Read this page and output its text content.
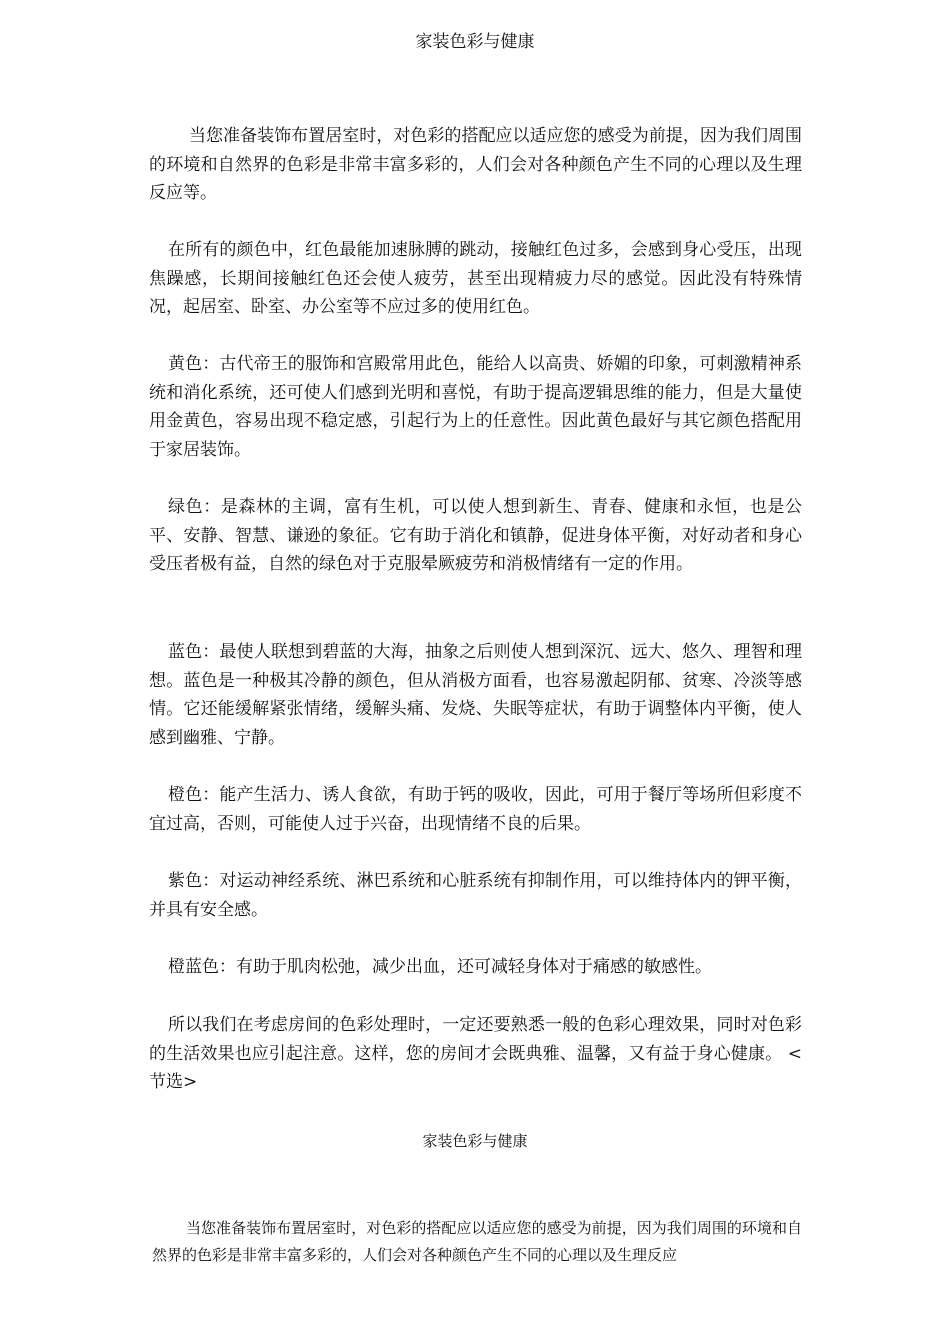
家装色彩与健康

当您准备装饰布置居室时，对色彩的搭配应以适应您的感受为前提，因为我们周围的环境和自然界的色彩是非常丰富多彩的，人们会对各种颜色产生不同的心理以及生理反应等。

在所有的颜色中，红色最能加速脉膊的跳动，接触红色过多，会感到身心受压，出现焦躁感，长期间接触红色还会使人疲劳，甚至出现精疲力尽的感觉。因此没有特殊情况，起居室、卧室、办公室等不应过多的使用红色。

黄色：古代帝王的服饰和宫殿常用此色，能给人以高贵、娇媚的印象，可刺激精神系统和消化系统，还可使人们感到光明和喜悦，有助于提高逻辑思维的能力，但是大量使用金黄色，容易出现不稳定感，引起行为上的任意性。因此黄色最好与其它颜色搭配用于家居装饰。

绿色：是森林的主调，富有生机，可以使人想到新生、青春、健康和永恒，也是公平、安静、智慧、谦逊的象征。它有助于消化和镇静，促进身体平衡，对好动者和身心受压者极有益，自然的绿色对于克服晕厥疲劳和消极情绪有一定的作用。

蓝色：最使人联想到碧蓝的大海，抽象之后则使人想到深沉、远大、悠久、理智和理想。蓝色是一种极其冷静的颜色，但从消极方面看，也容易激起阴郁、贫寒、冷淡等感情。它还能缓解紧张情绪，缓解头痛、发烧、失眠等症状，有助于调整体内平衡，使人感到幽雅、宁静。

橙色：能产生活力、诱人食欲，有助于钙的吸收，因此，可用于餐厅等场所但彩度不宜过高，否则，可能使人过于兴奋，出现情绪不良的后果。

紫色：对运动神经系统、淋巴系统和心脏系统有抑制作用，可以维持体内的钾平衡，并具有安全感。

橙蓝色：有助于肌肉松弛，减少出血，还可减轻身体对于痛感的敏感性。

所以我们在考虑房间的色彩处理时，一定还要熟悉一般的色彩心理效果，同时对色彩的生活效果也应引起注意。这样，您的房间才会既典雅、温馨，又有益于身心健康。 <节选>

家装色彩与健康

当您准备装饰布置居室时，对色彩的搭配应以适应您的感受为前提，因为我们周围的环境和自然界的色彩是非常丰富多彩的，人们会对各种颜色产生不同的心理以及生理反应
